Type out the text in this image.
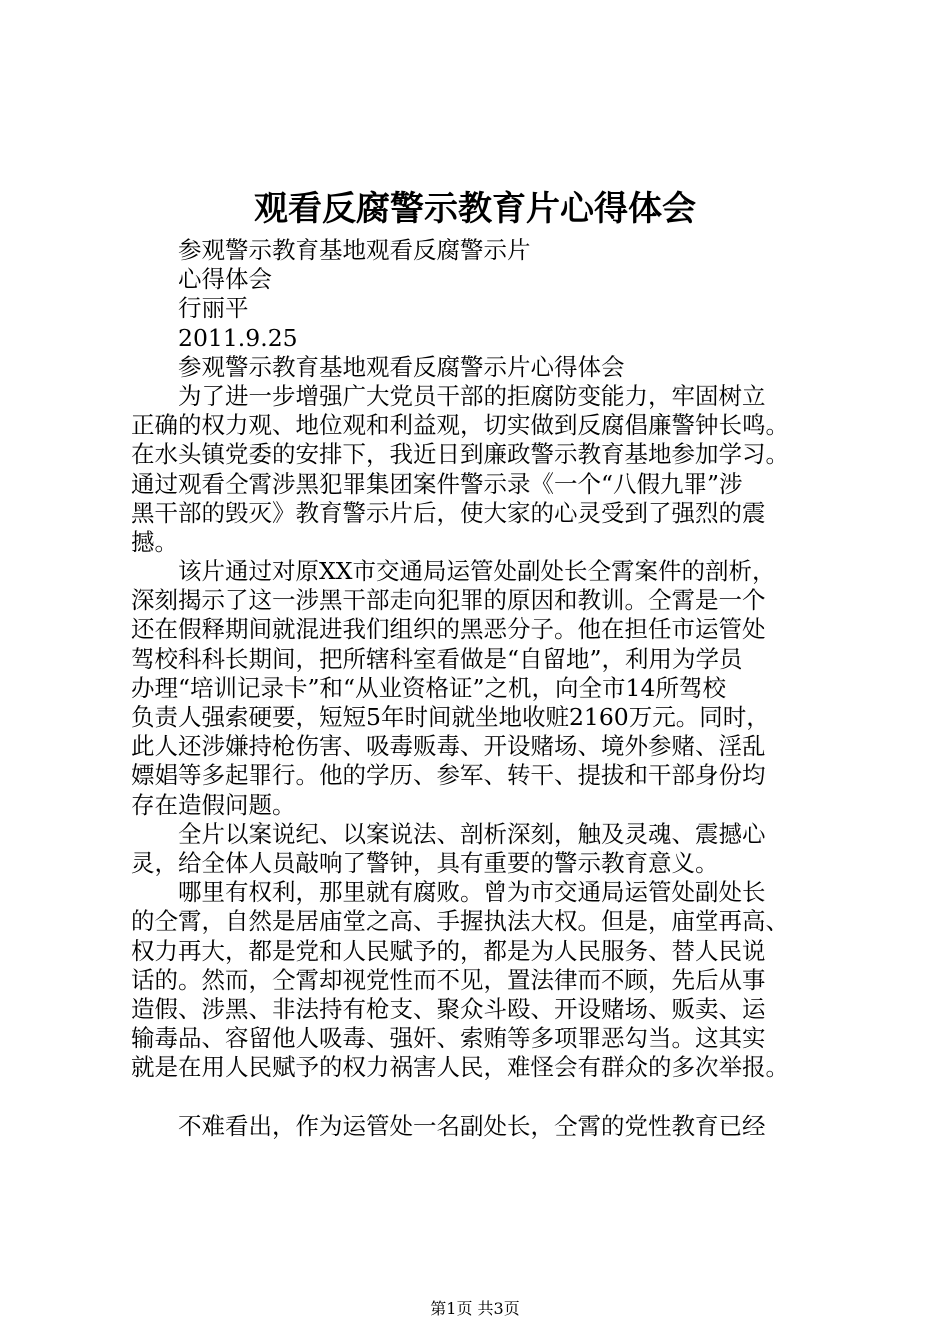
观看反腐警示教育片心得体会
参观警示教育基地观看反腐警示片
心得体会
行丽平
2011.9.25
参观警示教育基地观看反腐警示片心得体会
为了进一步增强广大党员干部的拒腐防变能力，牢固树立
正确的权力观、地位观和利益观，切实做到反腐倡廉警钟长鸣。
在水头镇党委的安排下，我近日到廉政警示教育基地参加学习。
通过观看仝霄涉黑犯罪集团案件警示录《一个“八假九罪”涉
黑干部的毁灭》教育警示片后，使大家的心灵受到了强烈的震
撼。
该片通过对原XX市交通局运管处副处长仝霄案件的剖析，
深刻揭示了这一涉黑干部走向犯罪的原因和教训。仝霄是一个
还在假释期间就混进我们组织的黑恶分子。他在担任市运管处
驾校科科长期间，把所辖科室看做是“自留地”，利用为学员
办理“培训记录卡”和“从业资格证”之机，向全市14所驾校
负责人强索硬要，短短5年时间就坐地收赃2160万元。同时，
此人还涉嫌持枪伤害、吸毒贩毒、开设赌场、境外参赌、淫乱
嫖娼等多起罪行。他的学历、参军、转干、提拔和干部身份均
存在造假问题。
全片以案说纪、以案说法、剖析深刻，触及灵魂、震撼心
灵，给全体人员敲响了警钟，具有重要的警示教育意义。
哪里有权利，那里就有腐败。曾为市交通局运管处副处长
的仝霄，自然是居庙堂之高、手握执法大权。但是，庙堂再高、
权力再大，都是党和人民赋予的，都是为人民服务、替人民说
话的。然而，仝霄却视党性而不见，置法律而不顾，先后从事
造假、涉黑、非法持有枪支、聚众斗殴、开设赌场、贩卖、运
输毒品、容留他人吸毒、强奸、索贿等多项罪恶勾当。这其实
就是在用人民赋予的权力祸害人民，难怪会有群众的多次举报。
不难看出，作为运管处一名副处长，仝霄的党性教育已经
第1页 共3页
